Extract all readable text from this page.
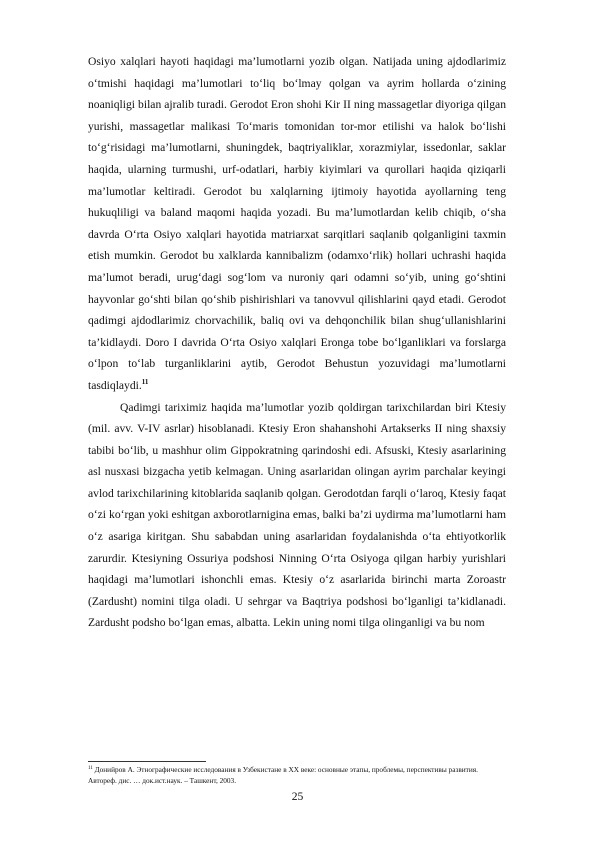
Osiyo xalqlari hayoti haqidagi ma’lumotlarni yozib olgan. Natijada uning ajdodlarimiz o‘tmishi haqidagi ma’lumotlari to‘liq bo‘lmay qolgan va ayrim hollarda o‘zining noaniqligi bilan ajralib turadi. Gerodot Eron shohi Kir II ning massagetlar diyoriga qilgan yurishi, massagetlar malikasi To‘maris tomonidan tor-mor etilishi va halok bo‘lishi to‘g‘risidagi ma’lumotlarni, shuningdek, baqtriyaliklar, xorazmiylar, issedonlar, saklar haqida, ularning turmushi, urf-odatlari, harbiy kiyimlari va qurollari haqida qiziqarli ma’lumotlar keltiradi. Gerodot bu xalqlarning ijtimoiy hayotida ayollarning teng hukuqliligi va baland maqomi haqida yozadi. Bu ma’lumotlardan kelib chiqib, o‘sha davrda O‘rta Osiyo xalqlari hayotida matriarxat sarqitlari saqlanib qolganligini taxmin etish mumkin. Gerodot bu xalklarda kannibalizm (odamxo‘rlik) hollari uchrashi haqida ma’lumot beradi, urug‘dagi sog‘lom va nuroniy qari odamni so‘yib, uning go‘shtini hayvonlar go‘shti bilan qo‘shib pishirishlari va tanovvul qilishlarini qayd etadi. Gerodot qadimgi ajdodlarimiz chorvachilik, baliq ovi va dehqonchilik bilan shug‘ullanishlarini ta’kidlaydi. Doro I davrida O‘rta Osiyo xalqlari Eronga tobe bo‘lganliklari va forslarga o‘lpon to‘lab turganliklarini aytib, Gerodot Behustun yozuvidagi ma’lumotlarni tasdiqlaydi.$^{11}$

Qadimgi tariximiz haqida ma’lumotlar yozib qoldirgan tarixchilardan biri Ktesiy (mil. avv. V-IV asrlar) hisoblanadi. Ktesiy Eron shahanshohi Artakserks II ning shaxsiy tabibi bo‘lib, u mashhur olim Gippokratning qarindoshi edi. Afsuski, Ktesiy asarlarining asl nusxasi bizgacha yetib kelmagan. Uning asarlaridan olingan ayrim parchalar keyingi avlod tarixchilarining kitoblarida saqlanib qolgan. Gerodotdan farqli o‘laroq, Ktesiy faqat o‘zi ko‘rgan yoki eshitgan axborotlarnigina emas, balki ba’zi uydirma ma’lumotlarni ham o‘z asariga kiritgan. Shu sababdan uning asarlaridan foydalanishda o‘ta ehtiyotkorlik zarurdir. Ktesiyning Ossuriya podshosi Ninning O‘rta Osiyoga qilgan harbiy yurishlari haqidagi ma’lumotlari ishonchli emas. Ktesiy o‘z asarlarida birinchi marta Zoroastr (Zardusht) nomini tilga oladi. U sehrgar va Baqtriya podshosi bo‘lganligi ta’kidlanadi. Zardusht podsho bo‘lgan emas, albatta. Lekin uning nomi tilga olinganligi va bu nom

$^{11}$ Донийров А. Этнографические исследования в Узбекистане в XX веке: основные этапы, проблемы, перспективы развития. Автореф. дис. … док.ист.наук. – Ташкент, 2003.
25
